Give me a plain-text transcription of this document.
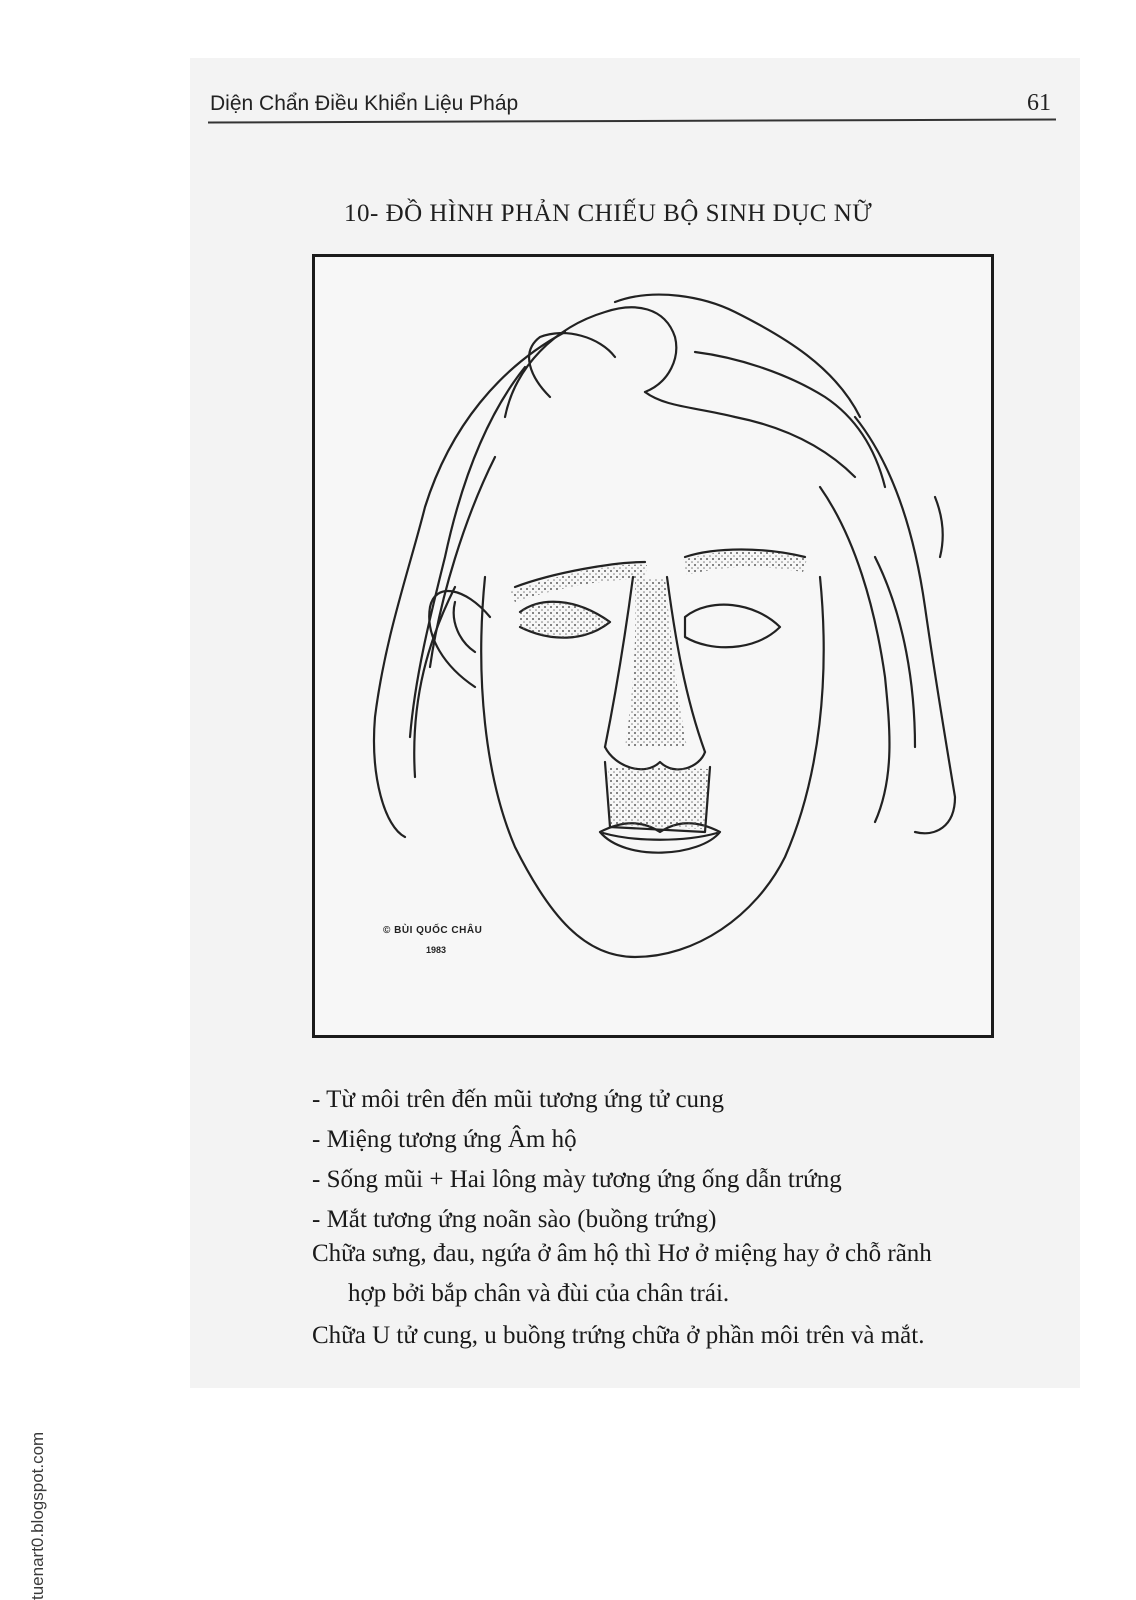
Diện Chẩn Điều Khiển Liệu Pháp	61
10- ĐỒ HÌNH PHẢN CHIẾU BỘ SINH DỤC NỮ
© BÙI QUỐC CHÂU
1983
- Từ môi trên đến mũi tương ứng tử cung
- Miệng tương ứng Âm hộ
- Sống mũi + Hai lông mày tương ứng ống dẫn trứng
- Mắt tương ứng noãn sào (buồng trứng)
Chữa sưng, đau, ngứa ở âm hộ thì Hơ ở miệng hay ở chỗ rãnh
hợp bởi bắp chân và đùi của chân trái.
Chữa U tử cung, u buồng trứng chữa ở phần môi trên và mắt.
tuenart0.blogspot.com
